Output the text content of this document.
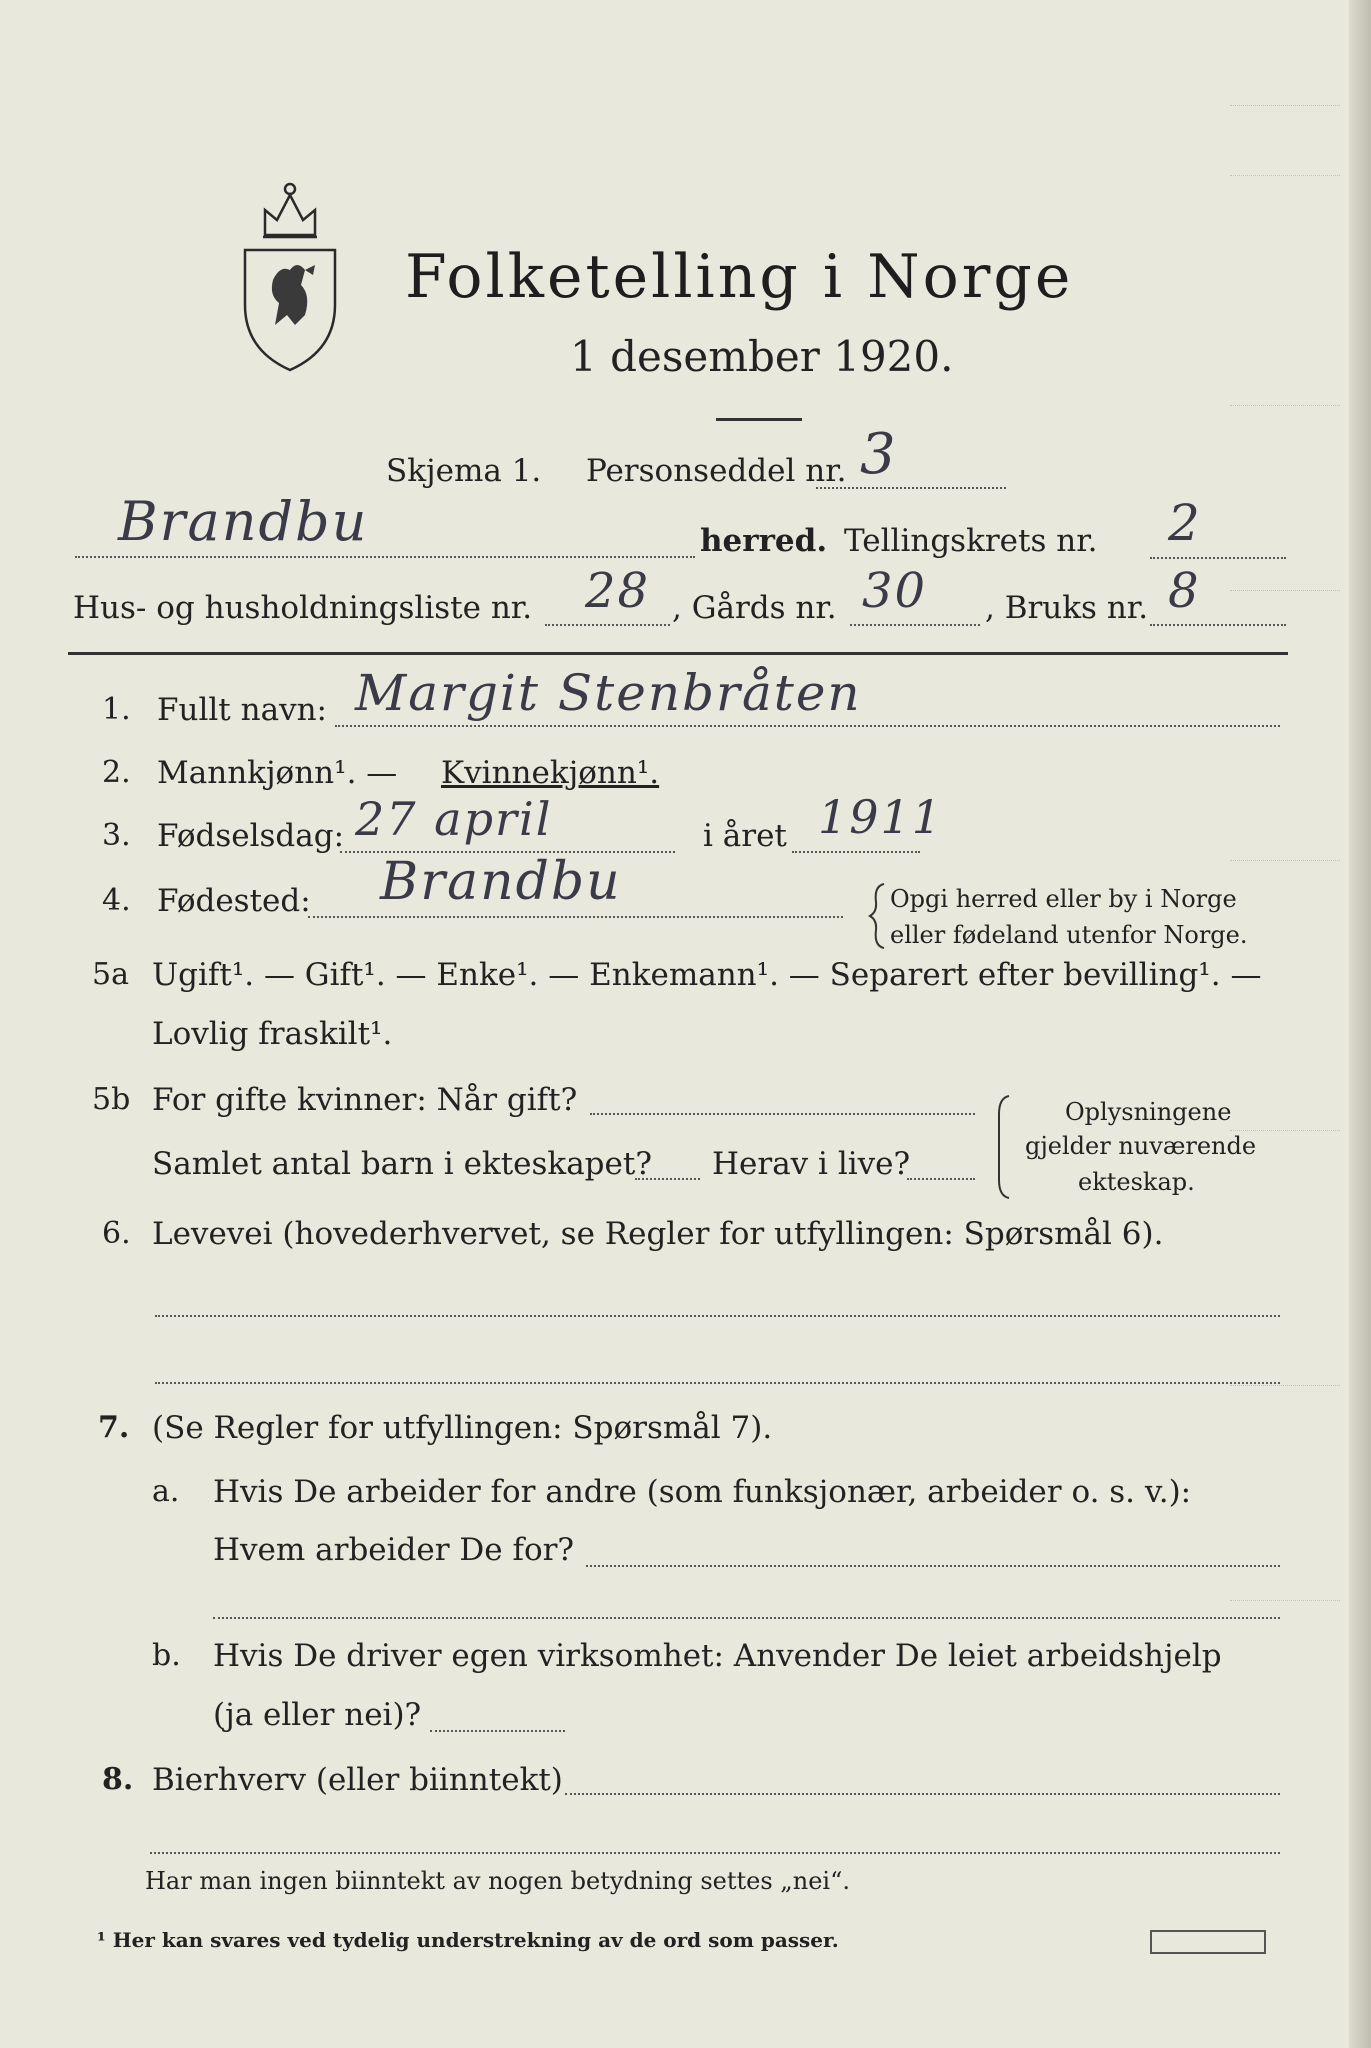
Folketelling i Norge
1 desember 1920.
Skjema 1. Personseddel nr. 3
Brandbu	herred. Tellingskrets nr. 2
Hus- og husholdningsliste nr. 28 , Gårds nr. 30 , Bruks nr. 8
1. Fullt navn: Margit Stenbråten
2. Mannkjønn¹. — Kvinnekjønn¹.
3. Fødselsdag: 27 april	i året 1911
4. Fødested: Brandbu	Opgi herred eller by i Norge
eller fødeland utenfor Norge.
5a Ugift¹. — Gift¹. — Enke¹. — Enkemann¹. — Separert efter bevilling¹. —
Lovlig fraskilt¹.
5b For gifte kvinner: Når gift?
Samlet antal barn i ekteskapet? Herav i live?
Oplysningene
gjelder nuværende
ekteskap.
6. Levevei (hovederhvervet, se Regler for utfyllingen: Spørsmål 6).
7. (Se Regler for utfyllingen: Spørsmål 7).
a. Hvis De arbeider for andre (som funksjonær, arbeider o. s. v.):
Hvem arbeider De for?
b. Hvis De driver egen virksomhet: Anvender De leiet arbeidshjelp
(ja eller nei)?
8. Bierhverv (eller biinntekt)
Har man ingen biinntekt av nogen betydning settes „nei“.
¹ Her kan svares ved tydelig understrekning av de ord som passer.
